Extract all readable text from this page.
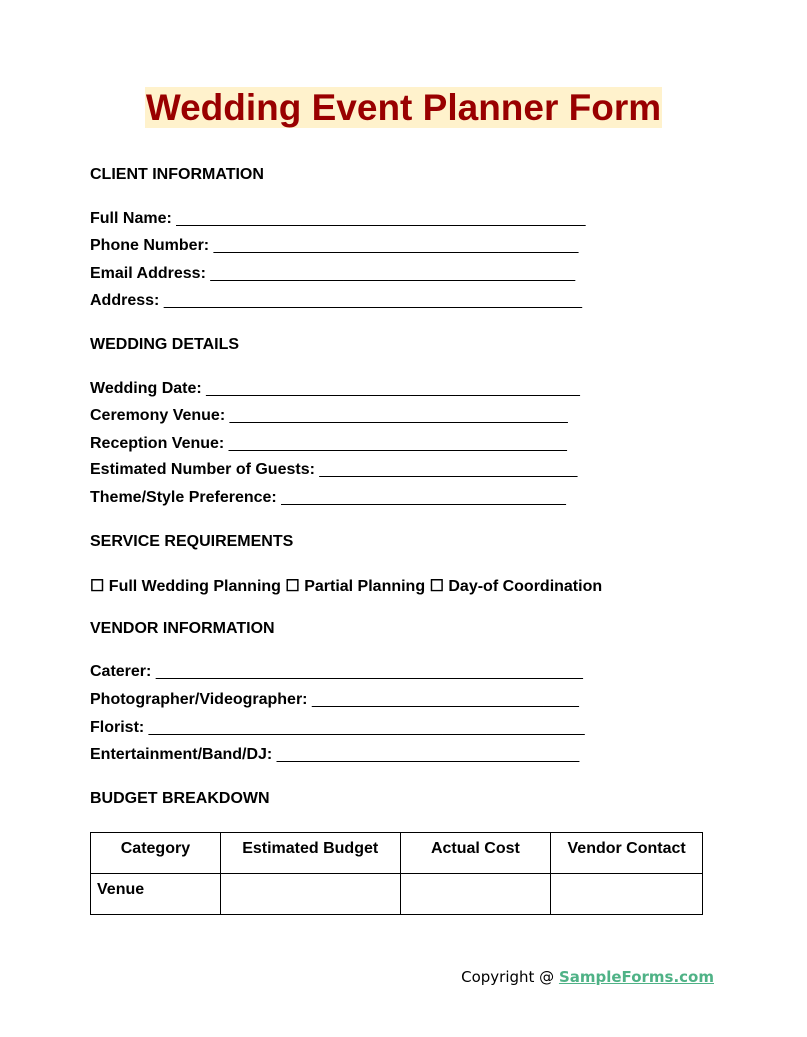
Wedding Event Planner Form
CLIENT INFORMATION
Full Name: ______________________________________________
Phone Number: _________________________________________
Email Address: _________________________________________
Address: _______________________________________________
WEDDING DETAILS
Wedding Date: __________________________________________
Ceremony Venue: ______________________________________
Reception Venue: ______________________________________
Estimated Number of Guests: _____________________________
Theme/Style Preference: ________________________________
SERVICE REQUIREMENTS
☐ Full Wedding Planning ☐ Partial Planning ☐ Day-of Coordination
VENDOR INFORMATION
Caterer: ________________________________________________
Photographer/Videographer: ______________________________
Florist: _________________________________________________
Entertainment/Band/DJ: __________________________________
BUDGET BREAKDOWN
Category	Estimated Budget	Actual Cost	Vendor Contact
Venue			
Copyright @ SampleForms.com
